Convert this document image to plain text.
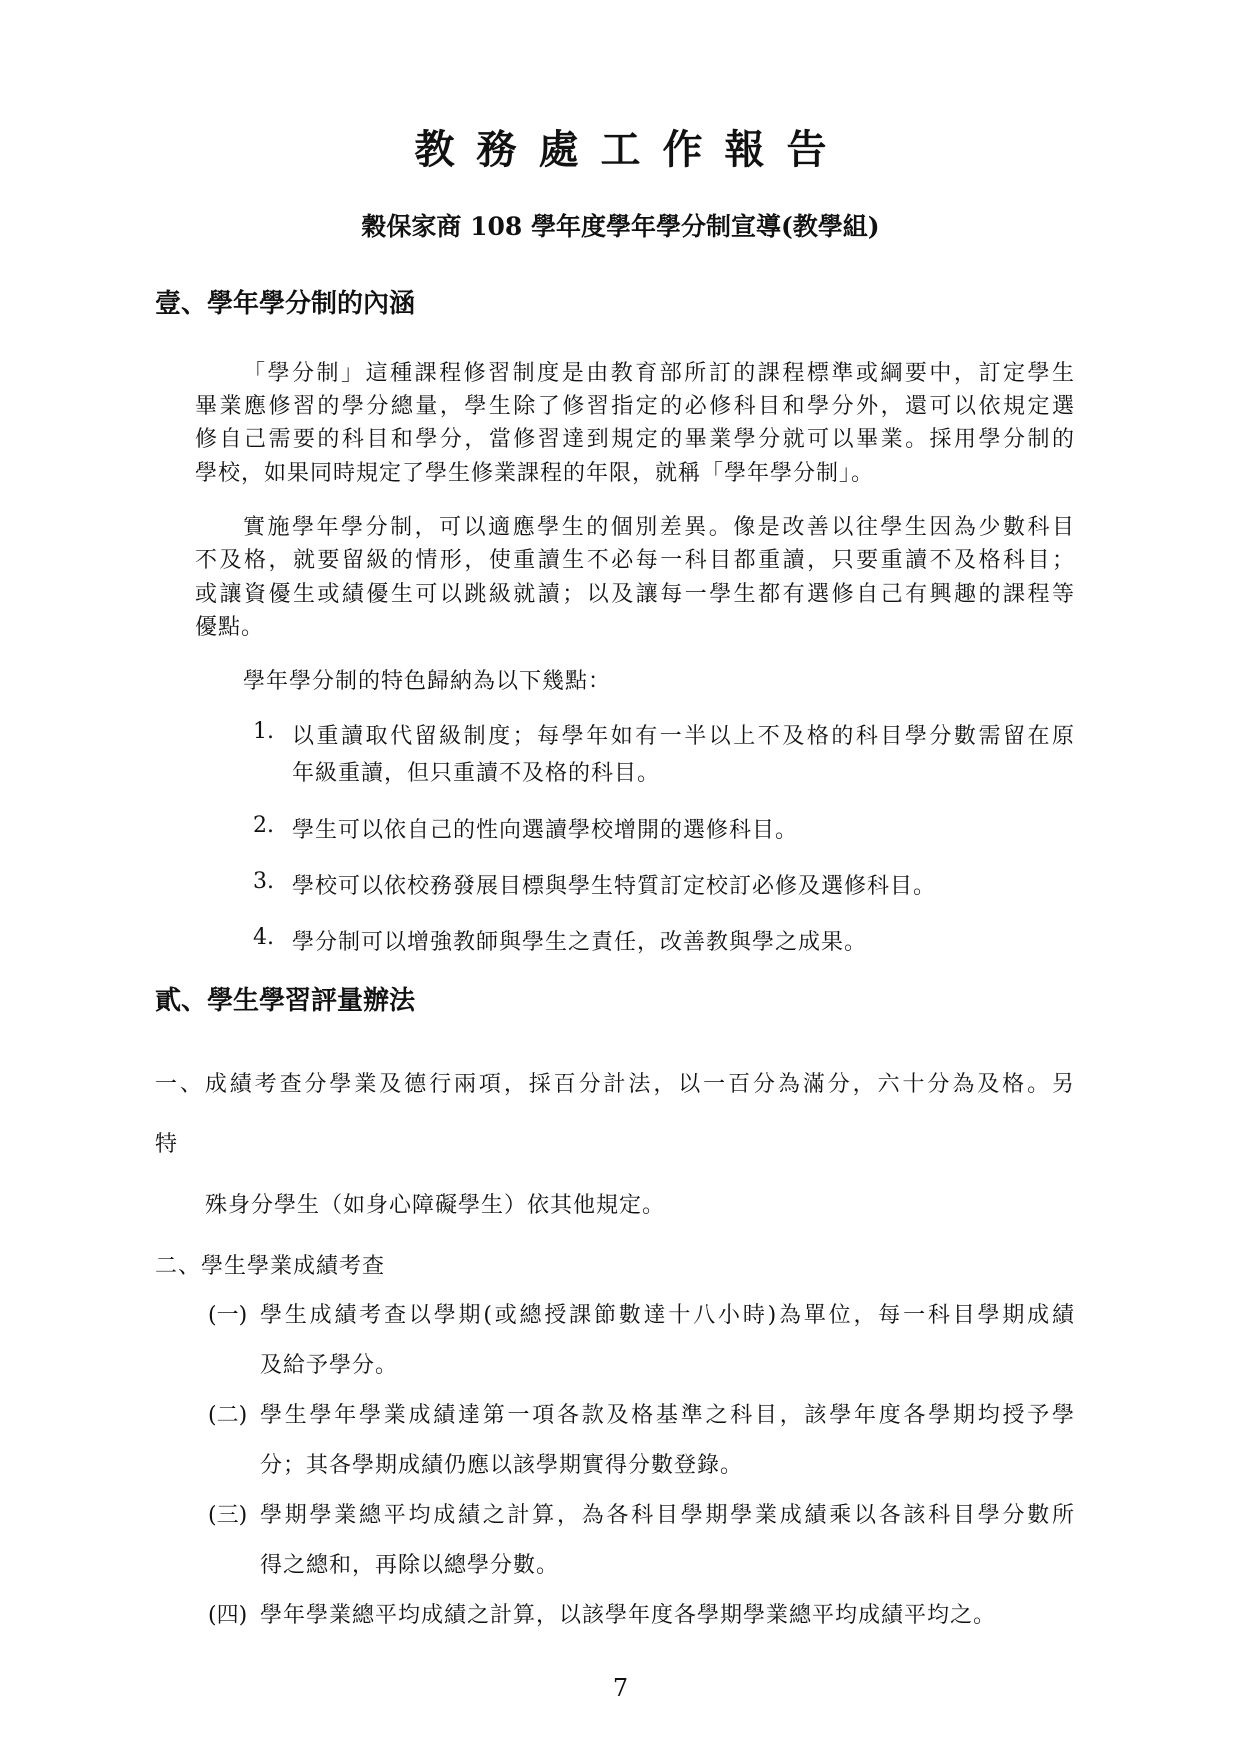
教務處工作報告
穀保家商 108 學年度學年學分制宣導(教學組)
壹、學年學分制的內涵
「學分制」這種課程修習制度是由教育部所訂的課程標準或綱要中，訂定學生
畢業應修習的學分總量，學生除了修習指定的必修科目和學分外，還可以依規定選
修自己需要的科目和學分，當修習達到規定的畢業學分就可以畢業。採用學分制的
學校，如果同時規定了學生修業課程的年限，就稱「學年學分制」。
實施學年學分制，可以適應學生的個別差異。像是改善以往學生因為少數科目
不及格，就要留級的情形，使重讀生不必每一科目都重讀，只要重讀不及格科目；
或讓資優生或績優生可以跳級就讀；以及讓每一學生都有選修自己有興趣的課程等
優點。
學年學分制的特色歸納為以下幾點：
1. 以重讀取代留級制度；每學年如有一半以上不及格的科目學分數需留在原
年級重讀，但只重讀不及格的科目。
2. 學生可以依自己的性向選讀學校增開的選修科目。
3. 學校可以依校務發展目標與學生特質訂定校訂必修及選修科目。
4. 學分制可以增強教師與學生之責任，改善教與學之成果。
貳、學生學習評量辦法
一、成績考查分學業及德行兩項，採百分計法，以一百分為滿分，六十分為及格。另
特
殊身分學生（如身心障礙學生）依其他規定。
二、學生學業成績考查
(一) 學生成績考查以學期(或總授課節數達十八小時)為單位，每一科目學期成績
及給予學分。
(二) 學生學年學業成績達第一項各款及格基準之科目，該學年度各學期均授予學
分；其各學期成績仍應以該學期實得分數登錄。
(三) 學期學業總平均成績之計算，為各科目學期學業成績乘以各該科目學分數所
得之總和，再除以總學分數。
(四) 學年學業總平均成績之計算，以該學年度各學期學業總平均成績平均之。
7
